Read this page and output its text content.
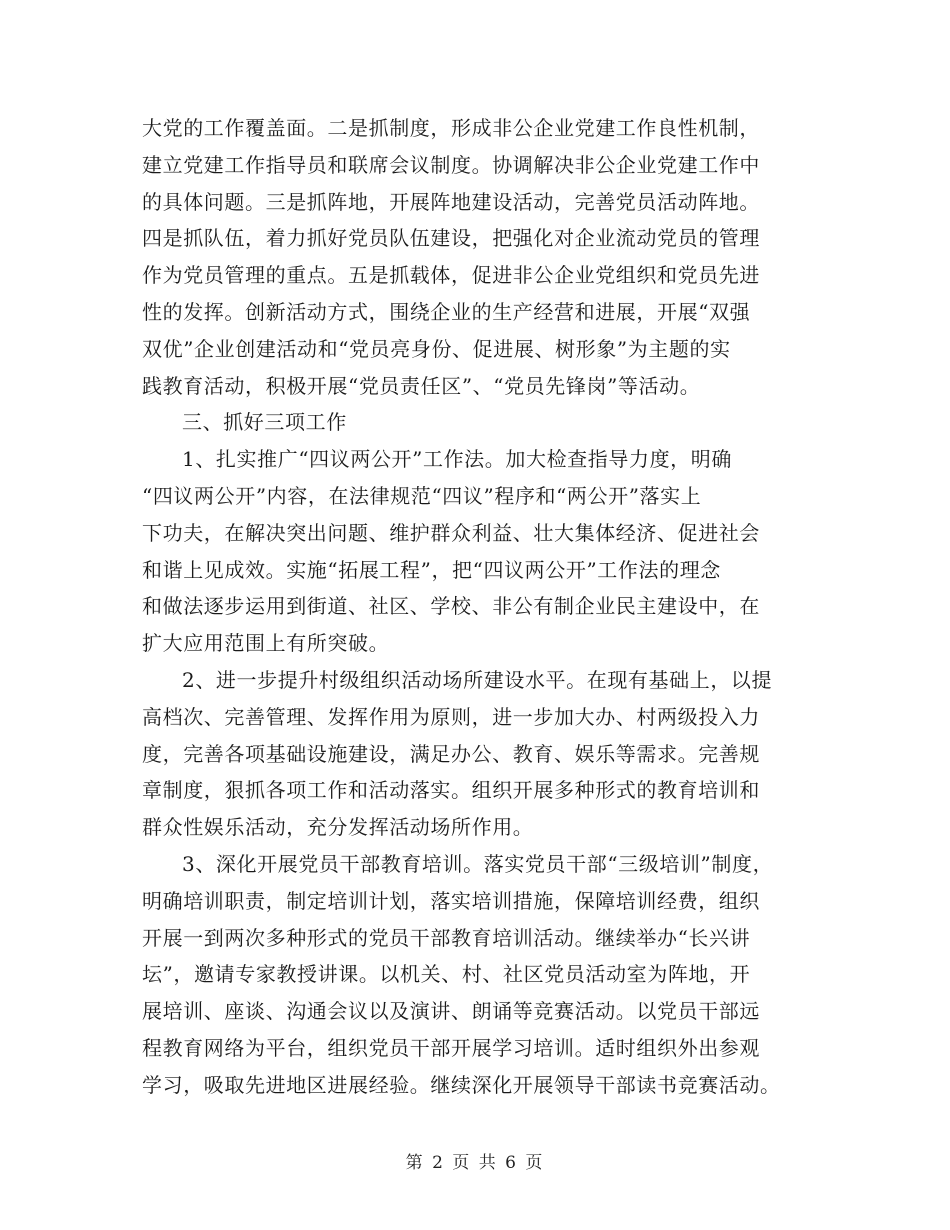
大党的工作覆盖面。二是抓制度，形成非公企业党建工作良性机制，
建立党建工作指导员和联席会议制度。协调解决非公企业党建工作中
的具体问题。三是抓阵地，开展阵地建设活动，完善党员活动阵地。
四是抓队伍，着力抓好党员队伍建设，把强化对企业流动党员的管理
作为党员管理的重点。五是抓载体，促进非公企业党组织和党员先进
性的发挥。创新活动方式，围绕企业的生产经营和进展，开展“双强
双优”企业创建活动和“党员亮身份、促进展、树形象”为主题的实
践教育活动，积极开展“党员责任区”、“党员先锋岗”等活动。
三、抓好三项工作
1、扎实推广“四议两公开”工作法。加大检查指导力度，明确
“四议两公开”内容，在法律规范“四议”程序和“两公开”落实上
下功夫，在解决突出问题、维护群众利益、壮大集体经济、促进社会
和谐上见成效。实施“拓展工程”，把“四议两公开”工作法的理念
和做法逐步运用到街道、社区、学校、非公有制企业民主建设中，在
扩大应用范围上有所突破。
2、进一步提升村级组织活动场所建设水平。在现有基础上，以提
高档次、完善管理、发挥作用为原则，进一步加大办、村两级投入力
度，完善各项基础设施建设，满足办公、教育、娱乐等需求。完善规
章制度，狠抓各项工作和活动落实。组织开展多种形式的教育培训和
群众性娱乐活动，充分发挥活动场所作用。
3、深化开展党员干部教育培训。落实党员干部“三级培训”制度，
明确培训职责，制定培训计划，落实培训措施，保障培训经费，组织
开展一到两次多种形式的党员干部教育培训活动。继续举办“长兴讲
坛”，邀请专家教授讲课。以机关、村、社区党员活动室为阵地，开
展培训、座谈、沟通会议以及演讲、朗诵等竞赛活动。以党员干部远
程教育网络为平台，组织党员干部开展学习培训。适时组织外出参观
学习，吸取先进地区进展经验。继续深化开展领导干部读书竞赛活动。
第 2 页 共 6 页
